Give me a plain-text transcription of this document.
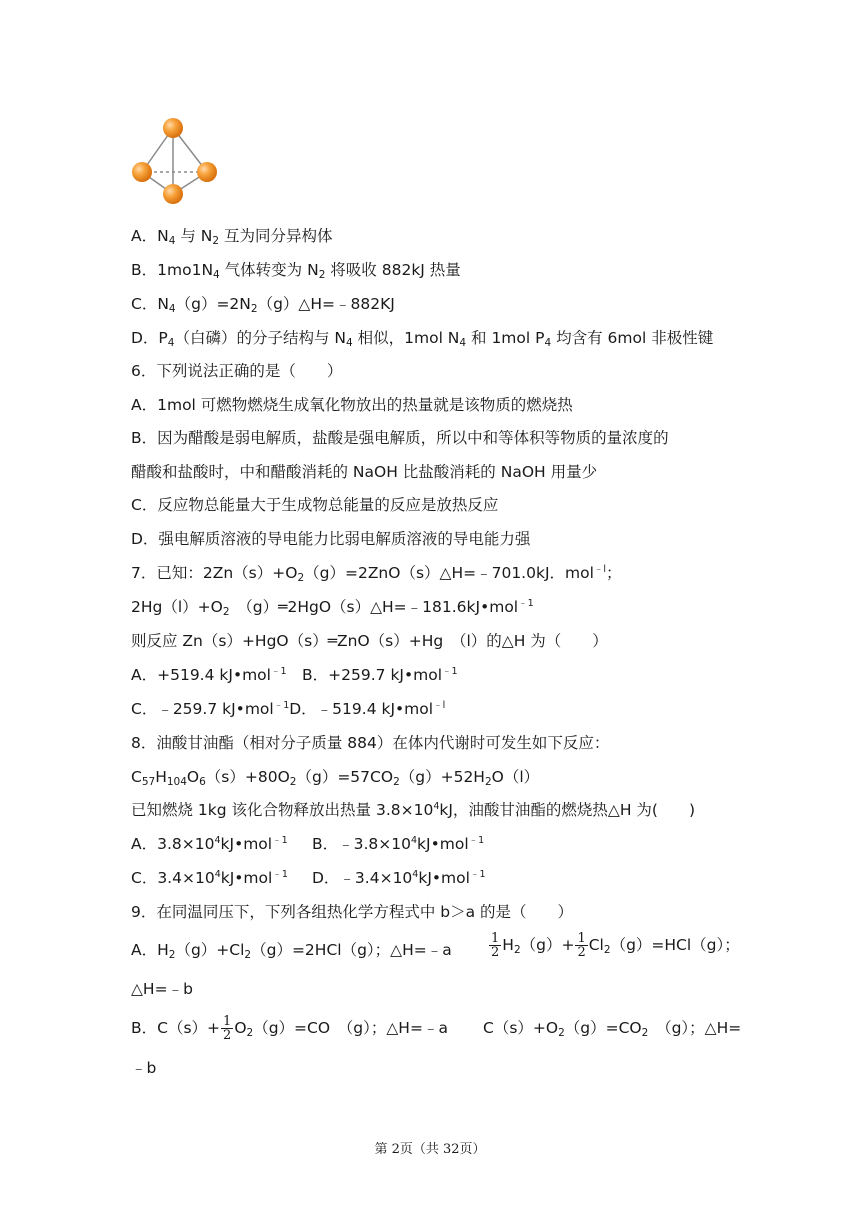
A．$N_4$ 与 $N_2$ 互为同分异构体
B．$1mo1N_4$ 气体转变为 $N_2$ 将吸收 882kJ 热量
C．$N_4(g)=2N_2(g)\triangle H=﹣882KJ$
D．$P_4$（白磷）的分子结构与 $N_4$ 相似，1mol $N_4$ 和 1mol $P_4$ 均含有 6mol 非极性键
6．下列说法正确的是（　　）
A．1mol 可燃物燃烧生成氧化物放出的热量就是该物质的燃烧热
B．因为醋酸是弱电解质，盐酸是强电解质，所以中和等体积等物质的量浓度的
醋酸和盐酸时，中和醋酸消耗的 NaOH 比盐酸消耗的 NaOH 用量少
C．反应物总能量大于生成物总能量的反应是放热反应
D．强电解质溶液的导电能力比弱电解质溶液的导电能力强
7．已知：$2Zn(s)+O_2(g)=2ZnO(s)\triangle H=﹣701.0kJ$．mol$^{﹣l}$；
$2Hg(l)+O_2$　（g）═2HgO（s）△H=﹣181.6kJ•mol$^{﹣1}$
则反应 Zn（s）+HgO（s）═ZnO（s）+Hg　（l）的△H 为（　　）
A．+519.4 kJ•mol$^{﹣1}$　B．+259.7 kJ•mol$^{﹣1}$
C．﹣259.7 kJ•mol$^{﹣1}$D．﹣519.4 kJ•mol$^{﹣l}$
8．油酸甘油酯（相对分子质量 884）在体内代谢时可发生如下反应：
$C_{57}H_{104}O_6(s)+80O_2(g)=57CO_2(g)+52H_2O(l)$
已知燃烧 1kg 该化合物释放出热量 $3.8\times 10^4kJ$，油酸甘油酯的燃烧热△H 为(　　)
A．$3.8\times 10^4kJ•mol^{﹣1}$ B．$﹣3.8\times 10^4kJ•mol^{﹣1}$
C．$3.4\times 10^4kJ•mol^{﹣1}$ D．$﹣3.4\times 10^4kJ•mol^{﹣1}$
9．在同温同压下，下列各组热化学方程式中 b＞a 的是（　　）
A．$H_2(g)+Cl_2(g)=2HCl(g)$；△H=﹣a	$\frac{1}{2} H_2(g)+ \frac{1}{2} Cl_2(g)=HCl(g)$；
△H=﹣b
B．$C(s)+ \frac{1}{2} O_2(g)=CO$　（g）；△H=﹣a $C(s)+O_2(g)=CO_2$　（g）；△H=
﹣b
第 2页（共 32页）
